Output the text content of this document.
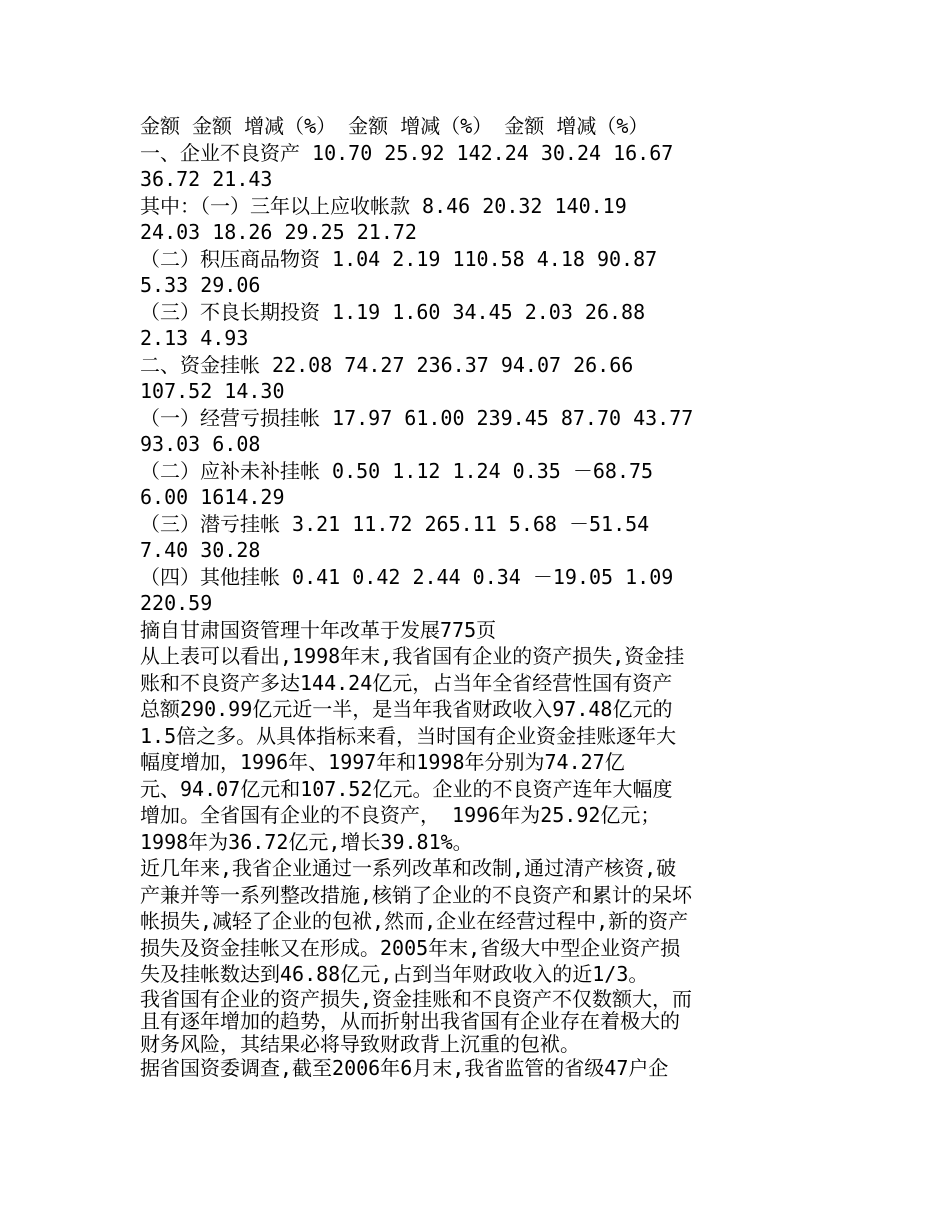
金额 金额 增减（%） 金额 增减（%） 金额 增减（%）
一、企业不良资产 10.70 25.92 142.24 30.24 16.67
36.72 21.43
其中：（一）三年以上应收帐款 8.46 20.32 140.19
24.03 18.26 29.25 21.72
（二）积压商品物资 1.04 2.19 110.58 4.18 90.87
5.33 29.06
（三）不良长期投资 1.19 1.60 34.45 2.03 26.88
2.13 4.93
二、资金挂帐 22.08 74.27 236.37 94.07 26.66
107.52 14.30
（一）经营亏损挂帐 17.97 61.00 239.45 87.70 43.77
93.03 6.08
（二）应补未补挂帐 0.50 1.12 1.24 0.35 －68.75
6.00 1614.29
（三）潜亏挂帐 3.21 11.72 265.11 5.68 －51.54
7.40 30.28
（四）其他挂帐 0.41 0.42 2.44 0.34 －19.05 1.09
220.59
摘自甘肃国资管理十年改革于发展775页
从上表可以看出,1998年末,我省国有企业的资产损失,资金挂
账和不良资产多达144.24亿元，占当年全省经营性国有资产
总额290.99亿元近一半，是当年我省财政收入97.48亿元的
1.5倍之多。从具体指标来看，当时国有企业资金挂账逐年大
幅度增加，1996年、1997年和1998年分别为74.27亿
元、94.07亿元和107.52亿元。企业的不良资产连年大幅度
增加。全省国有企业的不良资产， 1996年为25.92亿元；
1998年为36.72亿元,增长39.81%。
近几年来,我省企业通过一系列改革和改制,通过清产核资,破
产兼并等一系列整改措施,核销了企业的不良资产和累计的呆坏
帐损失,减轻了企业的包袱,然而,企业在经营过程中,新的资产
损失及资金挂帐又在形成。2005年末,省级大中型企业资产损
失及挂帐数达到46.88亿元,占到当年财政收入的近1/3。
我省国有企业的资产损失,资金挂账和不良资产不仅数额大，而
且有逐年增加的趋势，从而折射出我省国有企业存在着极大的
财务风险，其结果必将导致财政背上沉重的包袱。
据省国资委调查,截至2006年6月末,我省监管的省级47户企
